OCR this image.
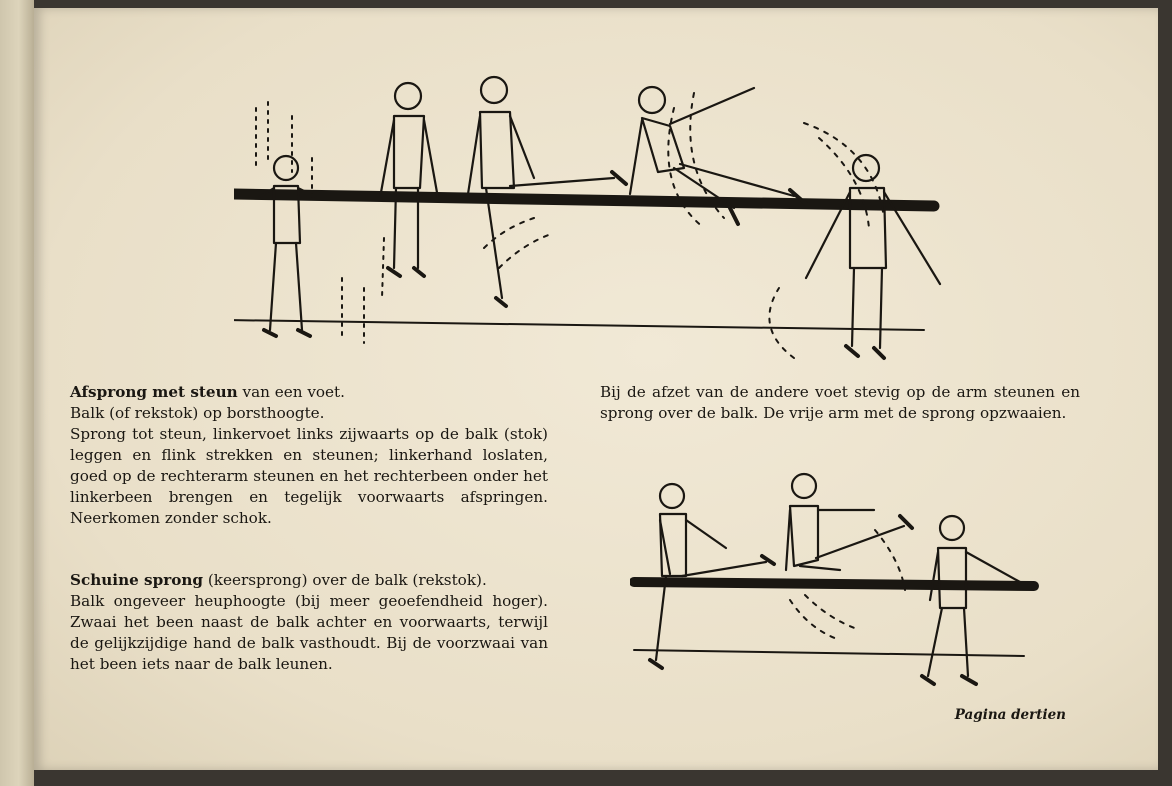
Afsprong met steun van een voet.

Balk (of rekstok) op borsthoogte.

Sprong tot steun, linkervoet links zijwaarts op de balk (stok) leggen en flink strekken en steunen; linkerhand loslaten, goed op de rechterarm steunen en het rechterbeen onder het linkerbeen brengen en tegelijk voorwaarts afspringen. Neerkomen zonder schok.

Schuine sprong (keersprong) over de balk (rekstok).

Balk ongeveer heuphoogte (bij meer geoefendheid hoger). Zwaai het been naast de balk achter en voorwaarts, terwijl de gelijkzijdige hand de balk vasthoudt. Bij de voorzwaai van het been iets naar de balk leunen.

Bij de afzet van de andere voet stevig op de arm steunen en sprong over de balk. De vrije arm met de sprong opzwaaien.

Pagina dertien
